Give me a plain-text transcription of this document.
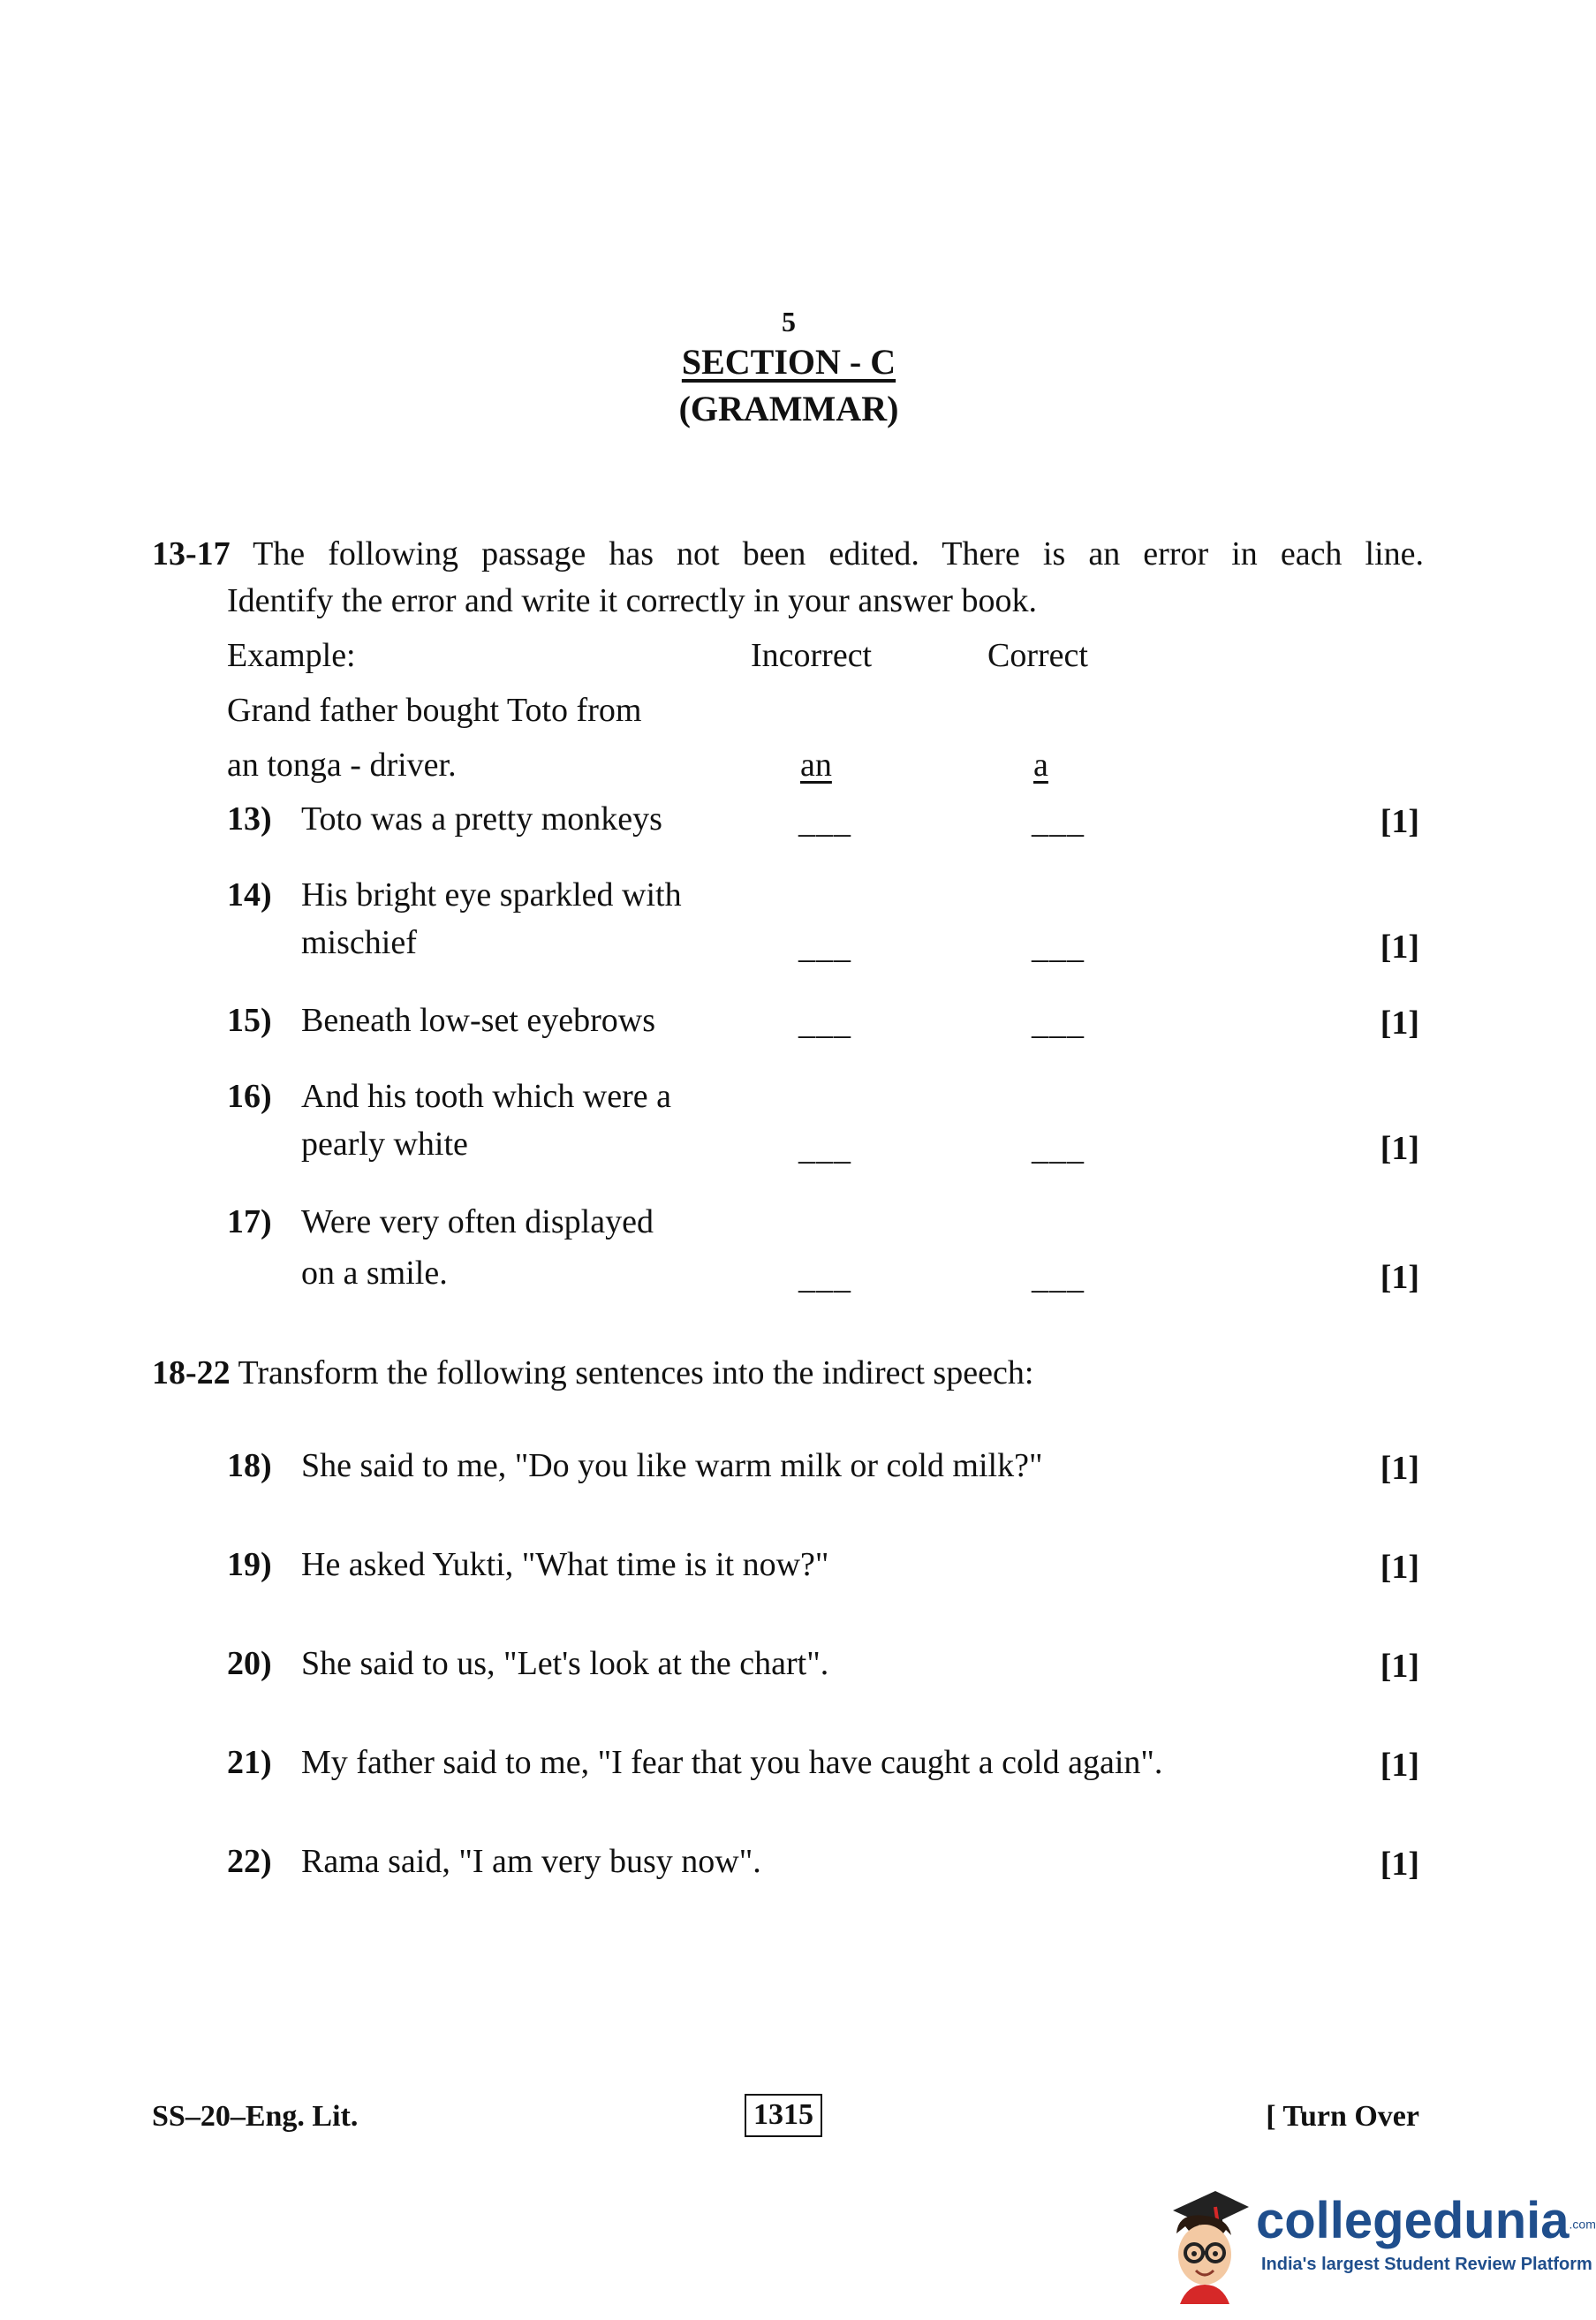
5
SECTION - C
(GRAMMAR)
13-17 The following passage has not been edited. There is an error in each line.
Identify the error and write it correctly in your answer book.
Example:	Incorrect	Correct
Grand father bought Toto from
an tonga - driver.	an	a
13) Toto was a pretty monkeys	___	___	[1]
14) His bright eye sparkled with
mischief	___	___	[1]
15) Beneath low-set eyebrows	___	___	[1]
16) And his tooth which were a
pearly white	___	___	[1]
17) Were very often displayed
on a smile.	___	___	[1]
18-22 Transform the following sentences into the indirect speech:
18) She said to me, "Do you like warm milk or cold milk?"	[1]
19) He asked Yukti, "What time is it now?"	[1]
20) She said to us, "Let's look at the chart".	[1]
21) My father said to me, "I fear that you have caught a cold again".	[1]
22) Rama said, "I am very busy now".	[1]
SS–20–Eng. Lit.	1315	[ Turn Over
collegedunia.com
India's largest Student Review Platform
